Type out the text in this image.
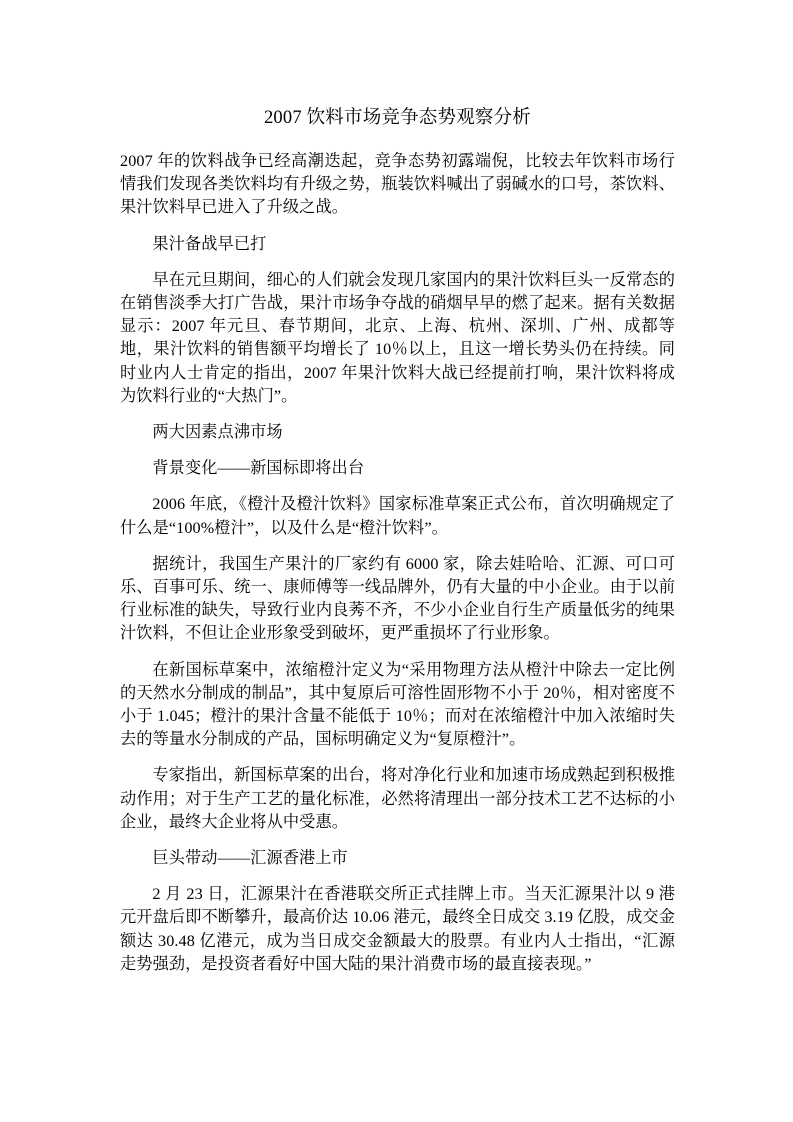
2007 饮料市场竞争态势观察分析
2007 年的饮料战争已经高潮迭起，竞争态势初露端倪，比较去年饮料市场行情我们发现各类饮料均有升级之势，瓶装饮料喊出了弱碱水的口号，茶饮料、果汁饮料早已进入了升级之战。
果汁备战早已打
早在元旦期间，细心的人们就会发现几家国内的果汁饮料巨头一反常态的在销售淡季大打广告战，果汁市场争夺战的硝烟早早的燃了起来。据有关数据显示：2007 年元旦、春节期间，北京、上海、杭州、深圳、广州、成都等地，果汁饮料的销售额平均增长了 10％以上，且这一增长势头仍在持续。同时业内人士肯定的指出，2007 年果汁饮料大战已经提前打响，果汁饮料将成为饮料行业的“大热门”。
两大因素点沸市场
背景变化——新国标即将出台
2006 年底，《橙汁及橙汁饮料》国家标准草案正式公布，首次明确规定了什么是“100%橙汁”，以及什么是“橙汁饮料”。
据统计，我国生产果汁的厂家约有 6000 家，除去娃哈哈、汇源、可口可乐、百事可乐、统一、康师傅等一线品牌外，仍有大量的中小企业。由于以前行业标准的缺失，导致行业内良莠不齐，不少小企业自行生产质量低劣的纯果汁饮料，不但让企业形象受到破坏，更严重损坏了行业形象。
在新国标草案中，浓缩橙汁定义为“采用物理方法从橙汁中除去一定比例的天然水分制成的制品”，其中复原后可溶性固形物不小于 20％，相对密度不小于 1.045；橙汁的果汁含量不能低于 10％；而对在浓缩橙汁中加入浓缩时失去的等量水分制成的产品，国标明确定义为“复原橙汁”。
专家指出，新国标草案的出台，将对净化行业和加速市场成熟起到积极推动作用；对于生产工艺的量化标准，必然将清理出一部分技术工艺不达标的小企业，最终大企业将从中受惠。
巨头带动——汇源香港上市
2 月 23 日，汇源果汁在香港联交所正式挂牌上市。当天汇源果汁以 9 港元开盘后即不断攀升，最高价达 10.06 港元，最终全日成交 3.19 亿股，成交金额达 30.48 亿港元，成为当日成交金额最大的股票。有业内人士指出，“汇源走势强劲，是投资者看好中国大陆的果汁消费市场的最直接表现。”
